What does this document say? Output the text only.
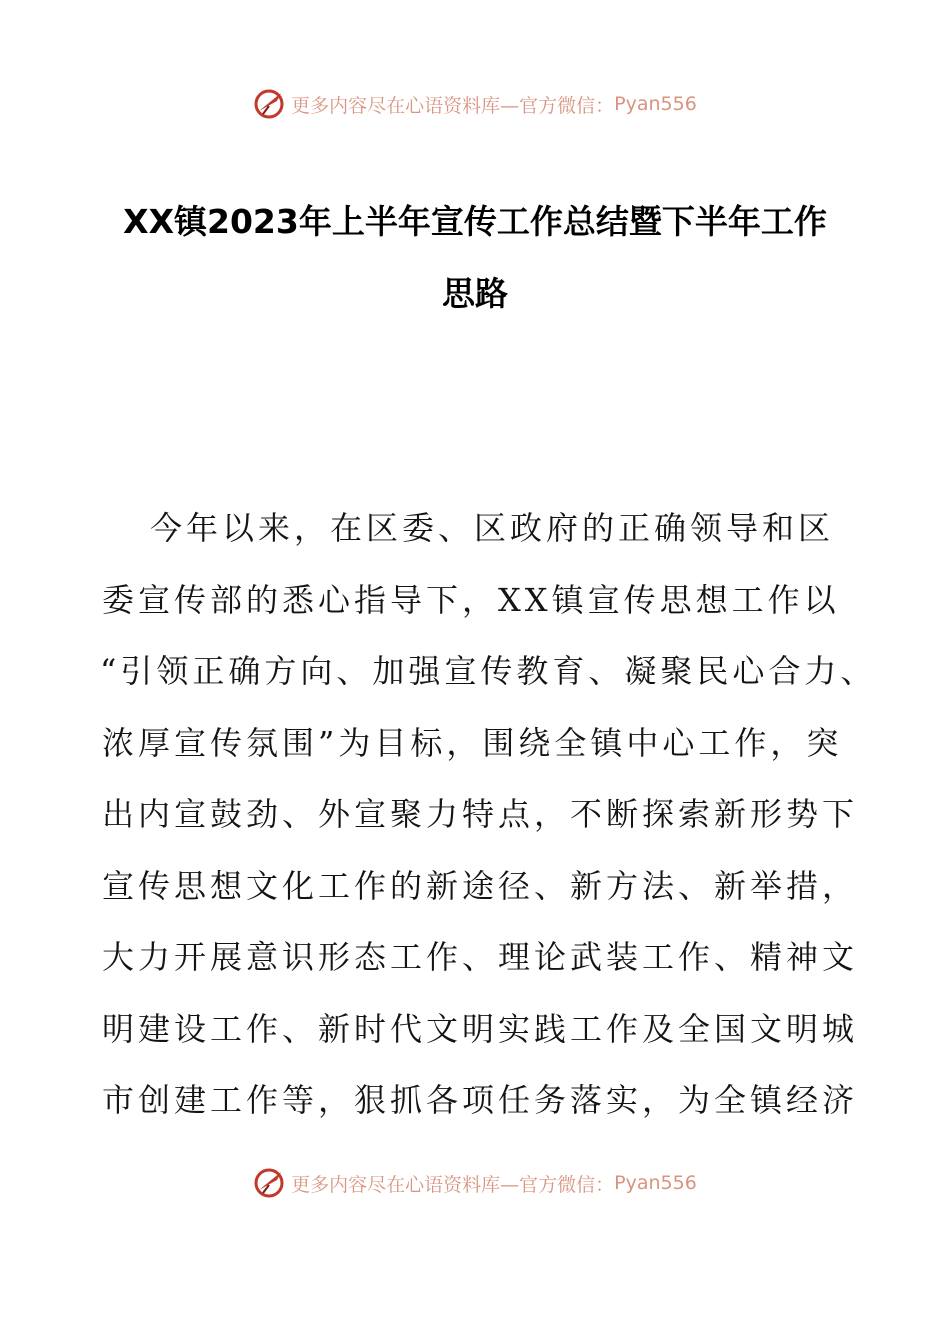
更多内容尽在心语资料库—官方微信： Pyan556
XX镇2023年上半年宣传工作总结暨下半年工作
思路
今年以来，在区委、区政府的正确领导和区
委宣传部的悉心指导下，XX镇宣传思想工作以
“引领正确方向、加强宣传教育、凝聚民心合力、
浓厚宣传氛围”为目标，围绕全镇中心工作，突
出内宣鼓劲、外宣聚力特点，不断探索新形势下
宣传思想文化工作的新途径、新方法、新举措，
大力开展意识形态工作、理论武装工作、精神文
明建设工作、新时代文明实践工作及全国文明城
市创建工作等，狠抓各项任务落实，为全镇经济
更多内容尽在心语资料库—官方微信： Pyan556
